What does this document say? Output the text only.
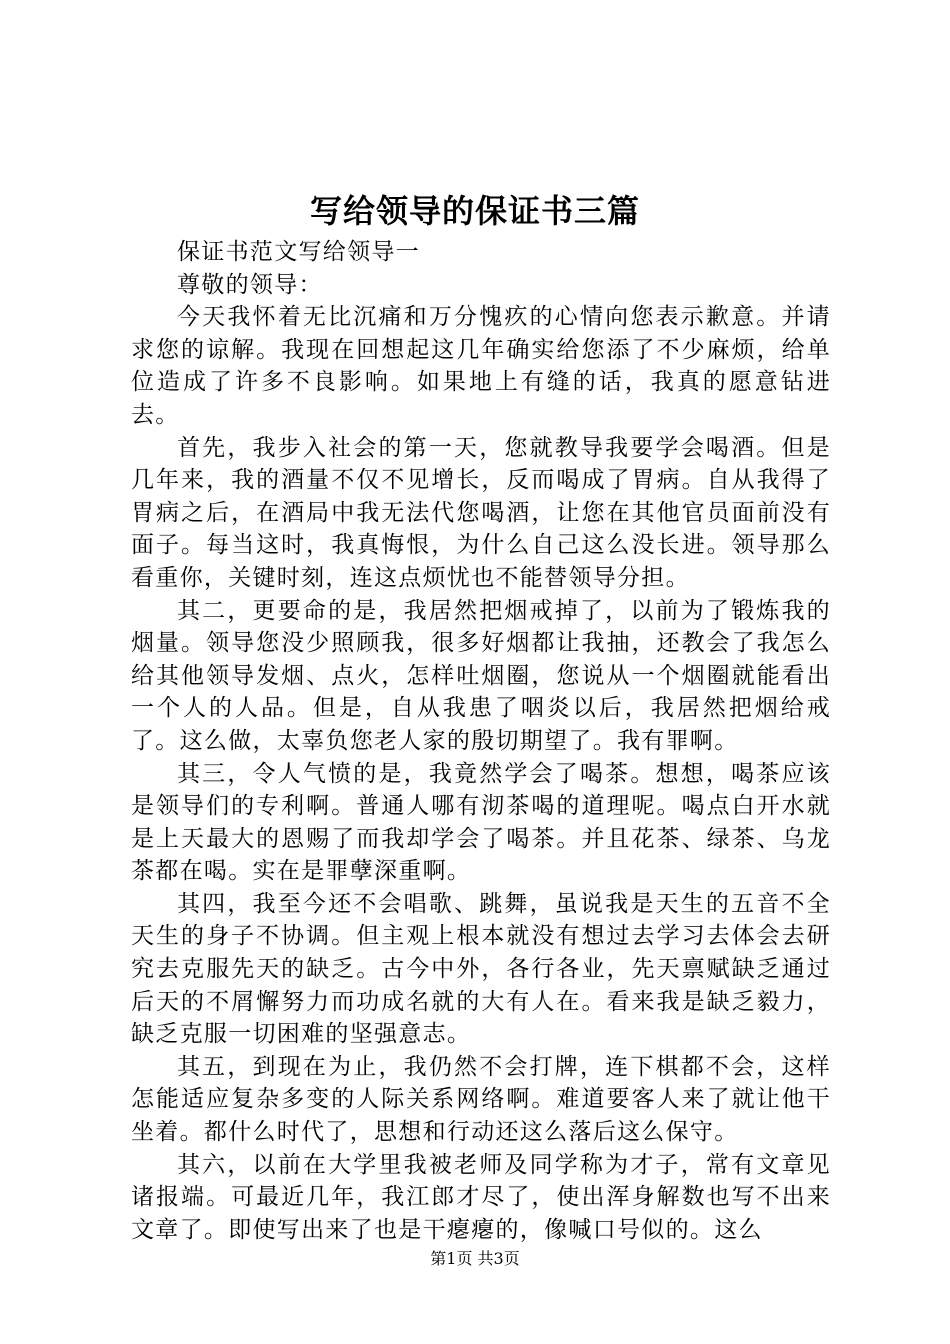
写给领导的保证书三篇

保证书范文写给领导一

尊敬的领导：

今天我怀着无比沉痛和万分愧疚的心情向您表示歉意。并请求您的谅解。我现在回想起这几年确实给您添了不少麻烦，给单位造成了许多不良影响。如果地上有缝的话，我真的愿意钻进去。

首先，我步入社会的第一天，您就教导我要学会喝酒。但是几年来，我的酒量不仅不见增长，反而喝成了胃病。自从我得了胃病之后，在酒局中我无法代您喝酒，让您在其他官员面前没有面子。每当这时，我真悔恨，为什么自己这么没长进。领导那么看重你，关键时刻，连这点烦忧也不能替领导分担。

其二，更要命的是，我居然把烟戒掉了，以前为了锻炼我的烟量。领导您没少照顾我，很多好烟都让我抽，还教会了我怎么给其他领导发烟、点火，怎样吐烟圈，您说从一个烟圈就能看出一个人的人品。但是，自从我患了咽炎以后，我居然把烟给戒了。这么做，太辜负您老人家的殷切期望了。我有罪啊。

其三，令人气愤的是，我竟然学会了喝茶。想想，喝茶应该是领导们的专利啊。普通人哪有沏茶喝的道理呢。喝点白开水就是上天最大的恩赐了而我却学会了喝茶。并且花茶、绿茶、乌龙茶都在喝。实在是罪孽深重啊。

其四，我至今还不会唱歌、跳舞，虽说我是天生的五音不全天生的身子不协调。但主观上根本就没有想过去学习去体会去研究去克服先天的缺乏。古今中外，各行各业，先天禀赋缺乏通过后天的不屑懈努力而功成名就的大有人在。看来我是缺乏毅力，缺乏克服一切困难的坚强意志。

其五，到现在为止，我仍然不会打牌，连下棋都不会，这样怎能适应复杂多变的人际关系网络啊。难道要客人来了就让他干坐着。都什么时代了，思想和行动还这么落后这么保守。

其六，以前在大学里我被老师及同学称为才子，常有文章见诸报端。可最近几年，我江郎才尽了，使出浑身解数也写不出来文章了。即使写出来了也是干瘪瘪的，像喊口号似的。这么

第1页 共3页
